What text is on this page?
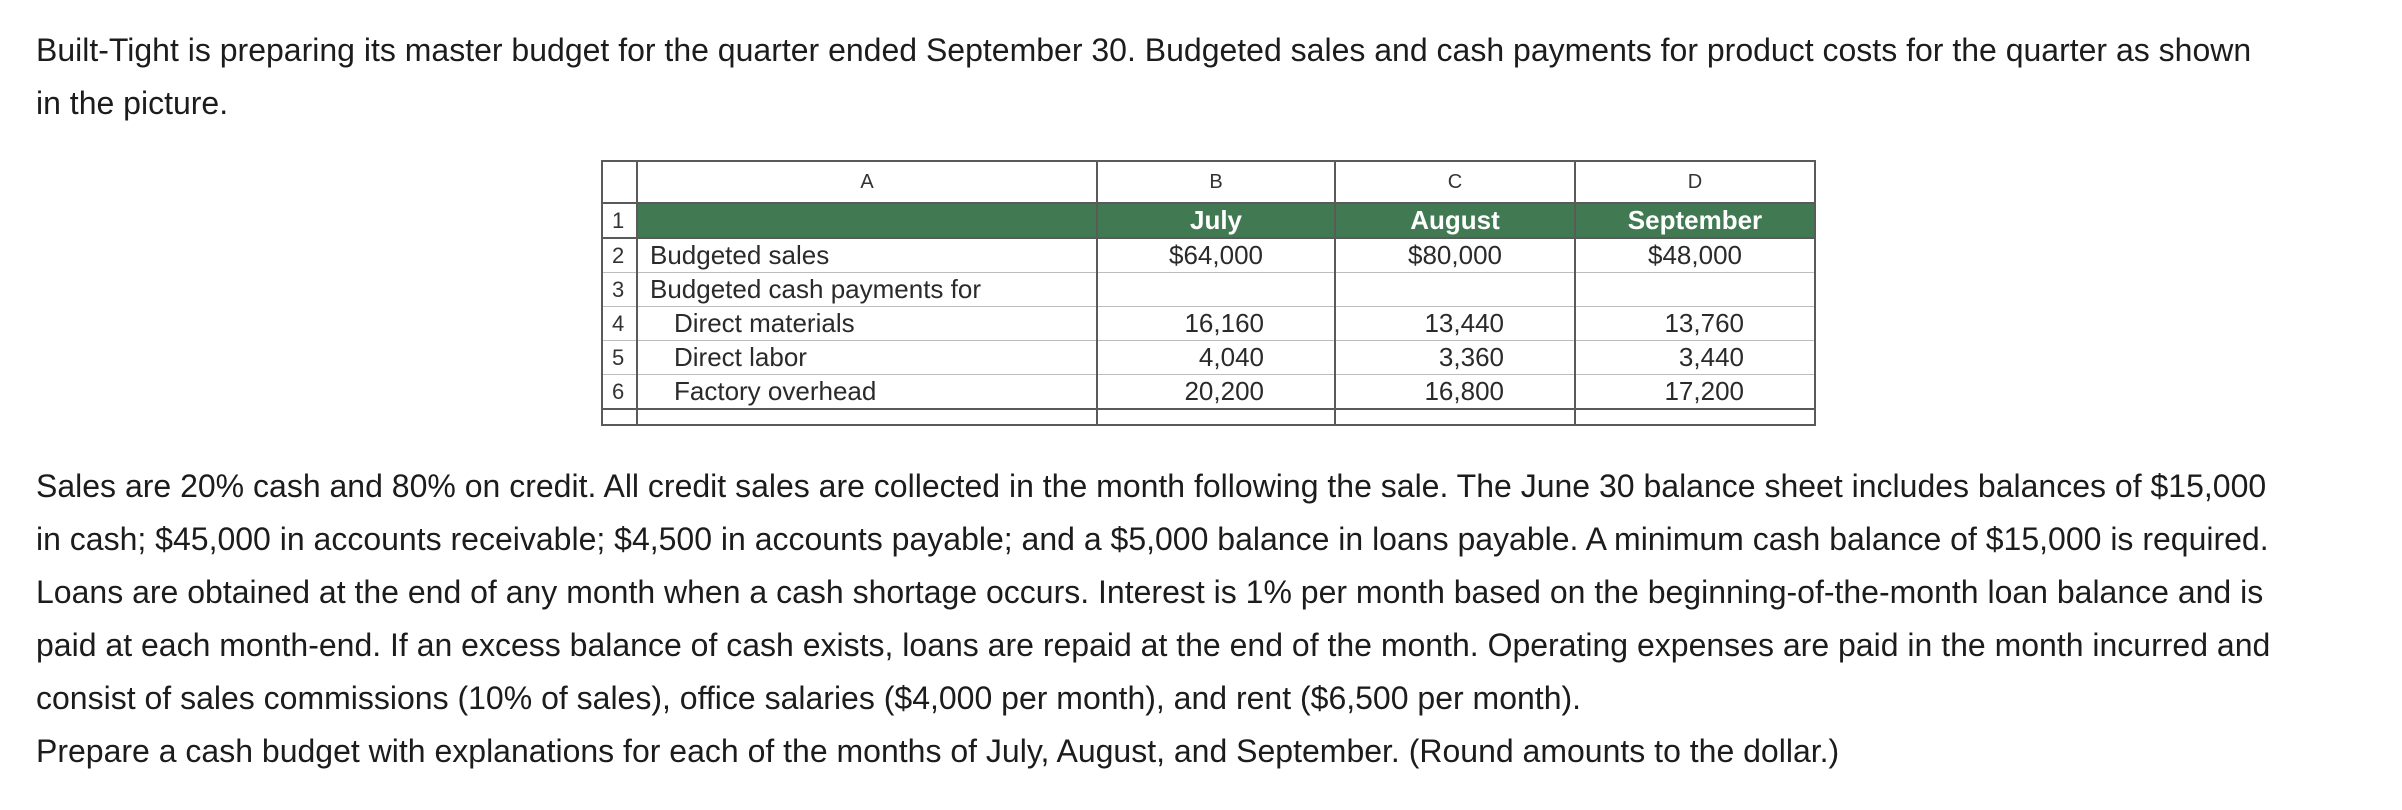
Built-Tight is preparing its master budget for the quarter ended September 30. Budgeted sales and cash payments for product costs for the quarter as shown
in the picture.

	A	B	C	D
1		July	August	September
2	Budgeted sales	$64,000	$80,000	$48,000
3	Budgeted cash payments for			
4	Direct materials	16,160	13,440	13,760
5	Direct labor	4,040	3,360	3,440
6	Factory overhead	20,200	16,800	17,200

Sales are 20% cash and 80% on credit. All credit sales are collected in the month following the sale. The June 30 balance sheet includes balances of $15,000
in cash; $45,000 in accounts receivable; $4,500 in accounts payable; and a $5,000 balance in loans payable. A minimum cash balance of $15,000 is required.
Loans are obtained at the end of any month when a cash shortage occurs. Interest is 1% per month based on the beginning-of-the-month loan balance and is
paid at each month-end. If an excess balance of cash exists, loans are repaid at the end of the month. Operating expenses are paid in the month incurred and
consist of sales commissions (10% of sales), office salaries ($4,000 per month), and rent ($6,500 per month).
Prepare a cash budget with explanations for each of the months of July, August, and September. (Round amounts to the dollar.)
